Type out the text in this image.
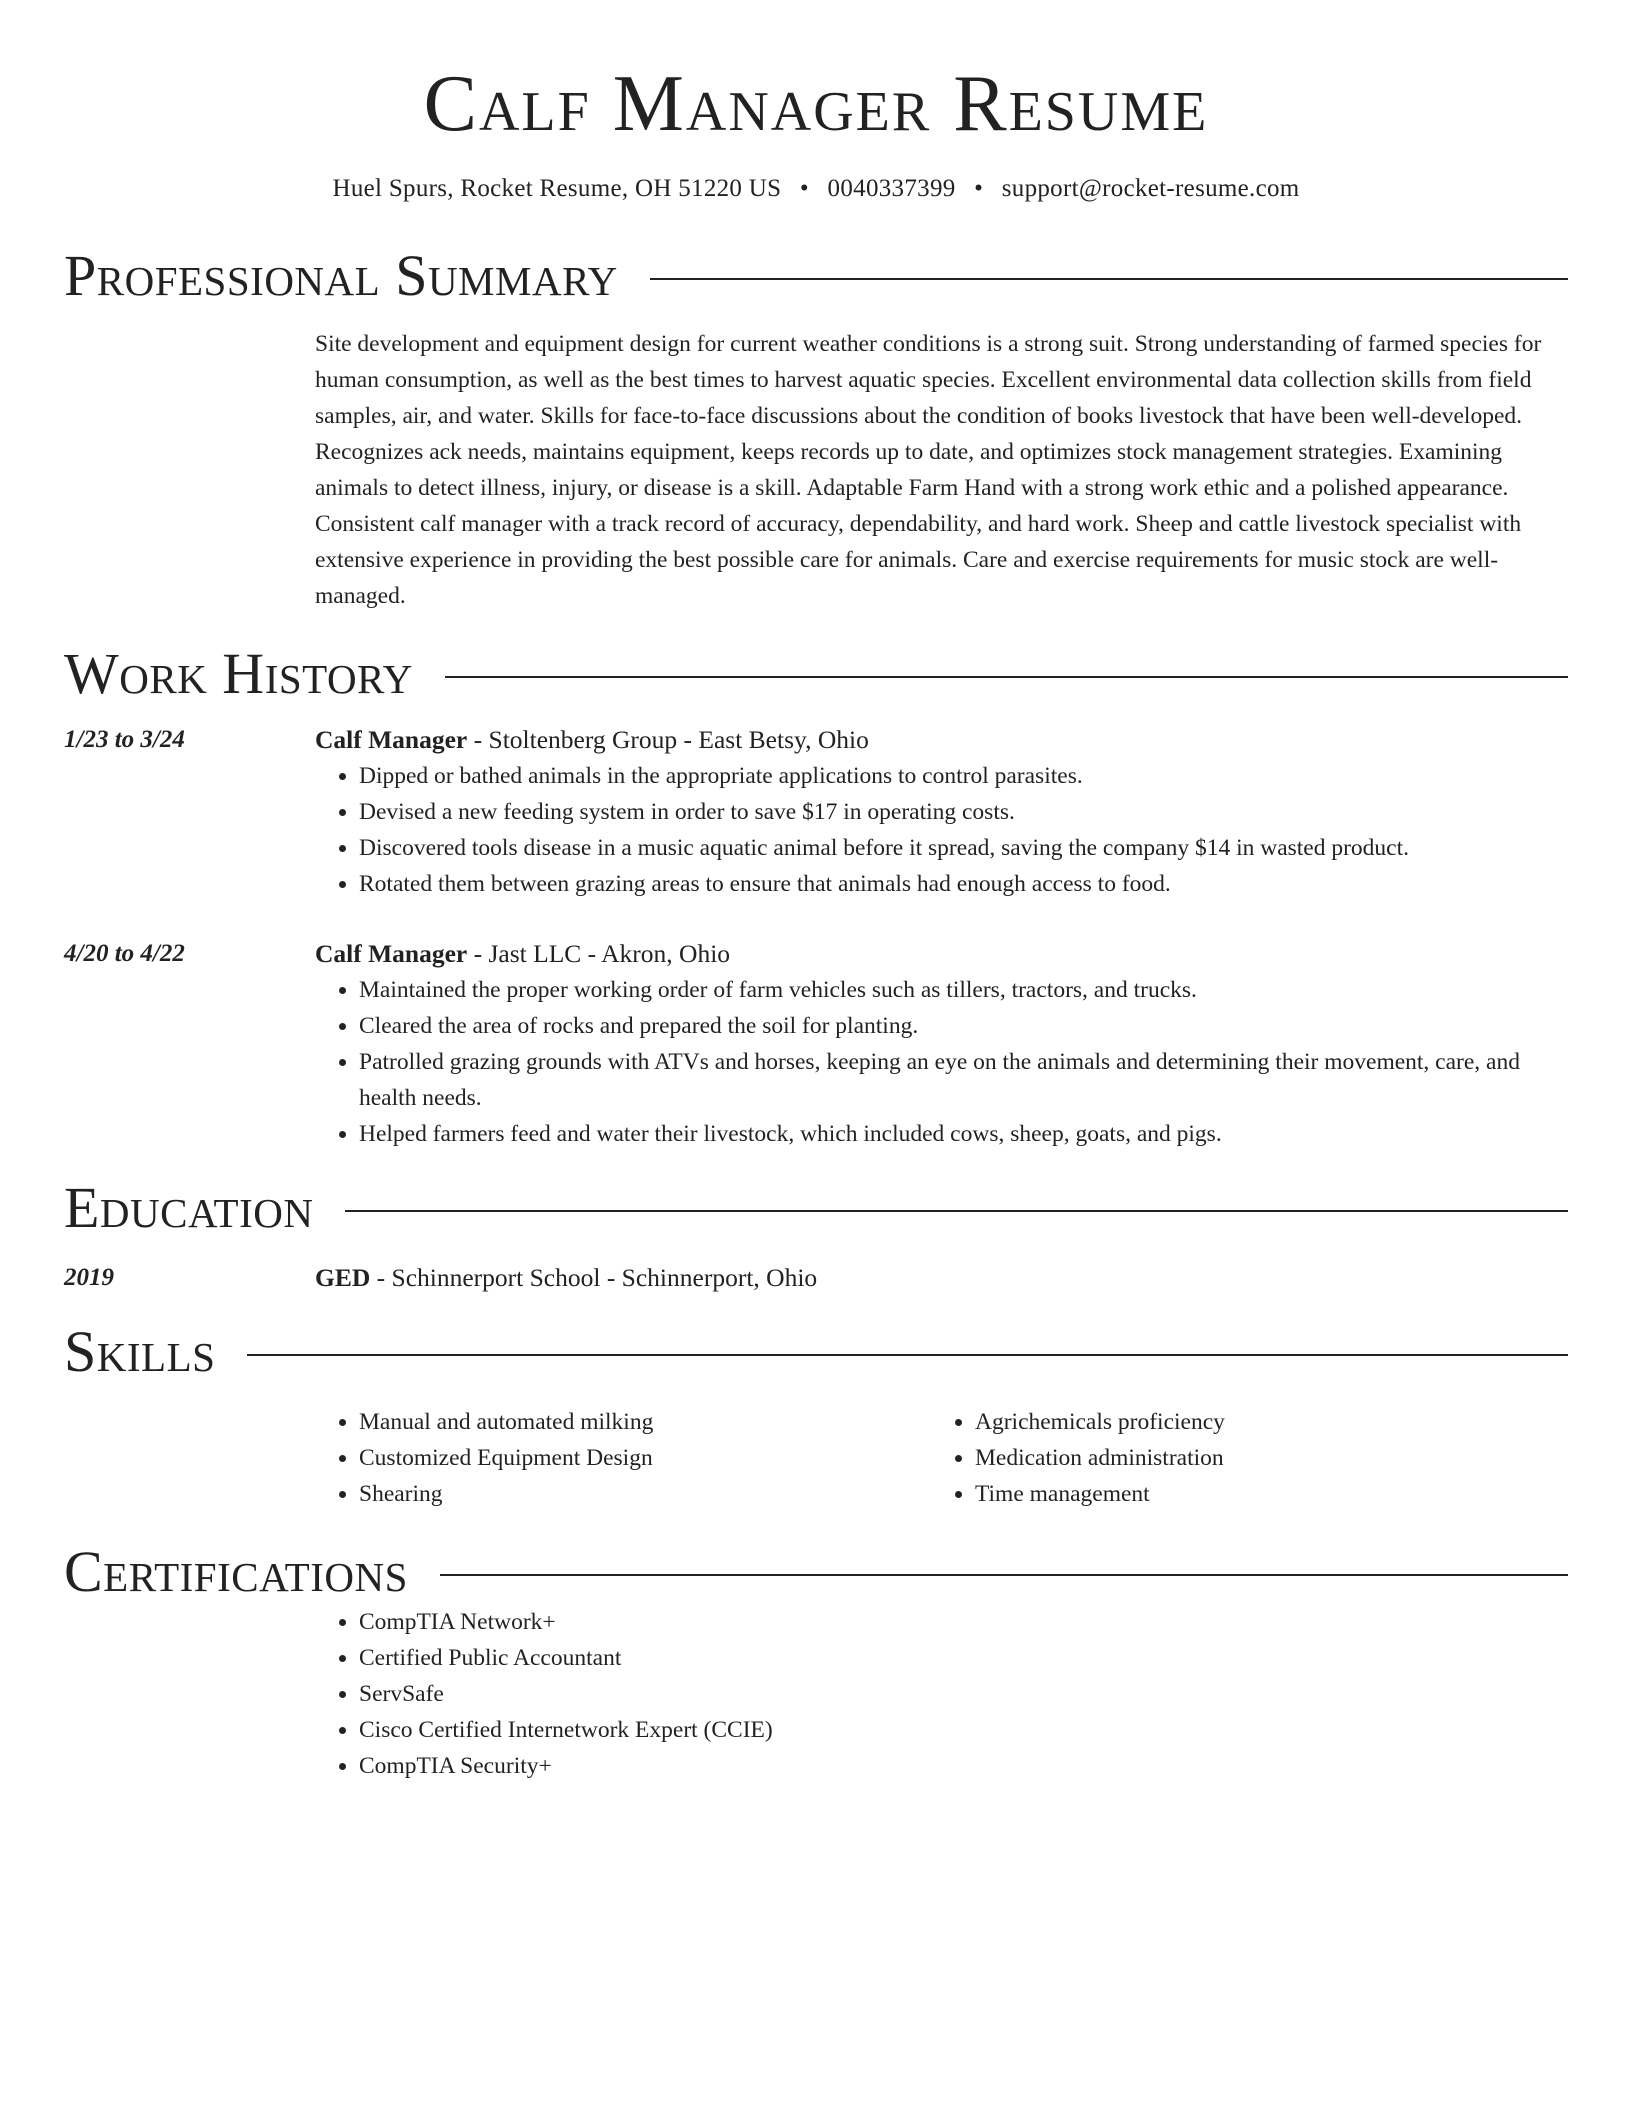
Calf Manager Resume
Huel Spurs, Rocket Resume, OH 51220 US • 0040337399 • support@rocket-resume.com
Professional Summary
Site development and equipment design for current weather conditions is a strong suit. Strong understanding of farmed species for human consumption, as well as the best times to harvest aquatic species. Excellent environmental data collection skills from field samples, air, and water. Skills for face-to-face discussions about the condition of books livestock that have been well-developed. Recognizes ack needs, maintains equipment, keeps records up to date, and optimizes stock management strategies. Examining animals to detect illness, injury, or disease is a skill. Adaptable Farm Hand with a strong work ethic and a polished appearance. Consistent calf manager with a track record of accuracy, dependability, and hard work. Sheep and cattle livestock specialist with extensive experience in providing the best possible care for animals. Care and exercise requirements for music stock are well-managed.
Work History
1/23 to 3/24	Calf Manager - Stoltenberg Group - East Betsy, Ohio
• Dipped or bathed animals in the appropriate applications to control parasites.
• Devised a new feeding system in order to save $17 in operating costs.
• Discovered tools disease in a music aquatic animal before it spread, saving the company $14 in wasted product.
• Rotated them between grazing areas to ensure that animals had enough access to food.
4/20 to 4/22	Calf Manager - Jast LLC - Akron, Ohio
• Maintained the proper working order of farm vehicles such as tillers, tractors, and trucks.
• Cleared the area of rocks and prepared the soil for planting.
• Patrolled grazing grounds with ATVs and horses, keeping an eye on the animals and determining their movement, care, and health needs.
• Helped farmers feed and water their livestock, which included cows, sheep, goats, and pigs.
Education
2019	GED - Schinnerport School - Schinnerport, Ohio
Skills
• Manual and automated milking
• Customized Equipment Design
• Shearing
• Agrichemicals proficiency
• Medication administration
• Time management
Certifications
• CompTIA Network+
• Certified Public Accountant
• ServSafe
• Cisco Certified Internetwork Expert (CCIE)
• CompTIA Security+
